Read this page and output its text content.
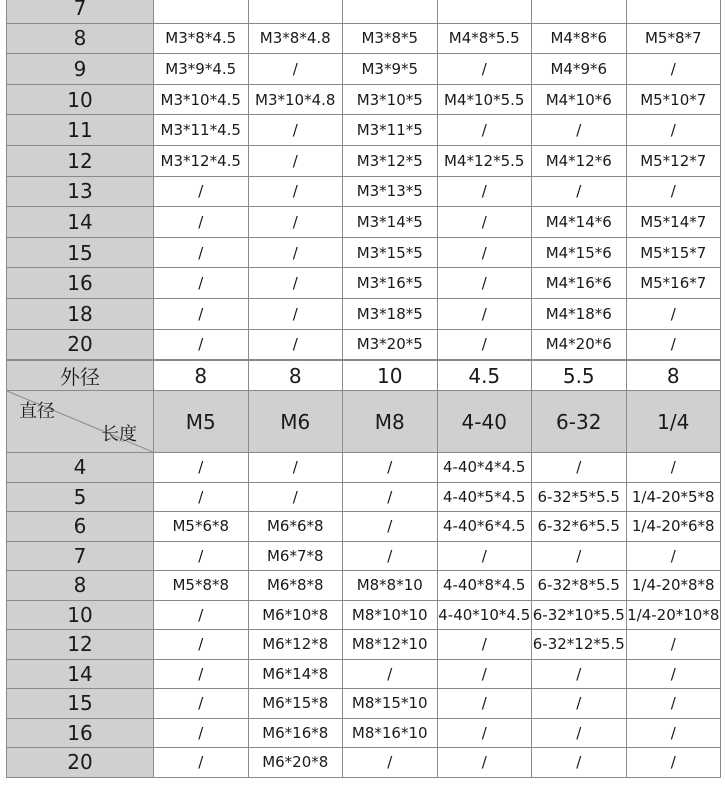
7						
8	M3*8*4.5	M3*8*4.8	M3*8*5	M4*8*5.5	M4*8*6	M5*8*7
9	M3*9*4.5	/	M3*9*5	/	M4*9*6	/
10	M3*10*4.5	M3*10*4.8	M3*10*5	M4*10*5.5	M4*10*6	M5*10*7
11	M3*11*4.5	/	M3*11*5	/	/	/
12	M3*12*4.5	/	M3*12*5	M4*12*5.5	M4*12*6	M5*12*7
13	/	/	M3*13*5	/	/	/
14	/	/	M3*14*5	/	M4*14*6	M5*14*7
15	/	/	M3*15*5	/	M4*15*6	M5*15*7
16	/	/	M3*16*5	/	M4*16*6	M5*16*7
18	/	/	M3*18*5	/	M4*18*6	/
20	/	/	M3*20*5	/	M4*20*6	/
外径	8	8	10	4.5	5.5	8

直径
长度	M5	M6	M8	4-40	6-32	1/4
4	/	/	/	4-40*4*4.5	/	/
5	/	/	/	4-40*5*4.5	6-32*5*5.5	1/4-20*5*8
6	M5*6*8	M6*6*8	/	4-40*6*4.5	6-32*6*5.5	1/4-20*6*8
7	/	M6*7*8	/	/	/	/
8	M5*8*8	M6*8*8	M8*8*10	4-40*8*4.5	6-32*8*5.5	1/4-20*8*8
10	/	M6*10*8	M8*10*10	4-40*10*4.5	6-32*10*5.5	1/4-20*10*8
12	/	M6*12*8	M8*12*10	/	6-32*12*5.5	/
14	/	M6*14*8	/	/	/	/
15	/	M6*15*8	M8*15*10	/	/	/
16	/	M6*16*8	M8*16*10	/	/	/
20	/	M6*20*8	/	/	/	/
